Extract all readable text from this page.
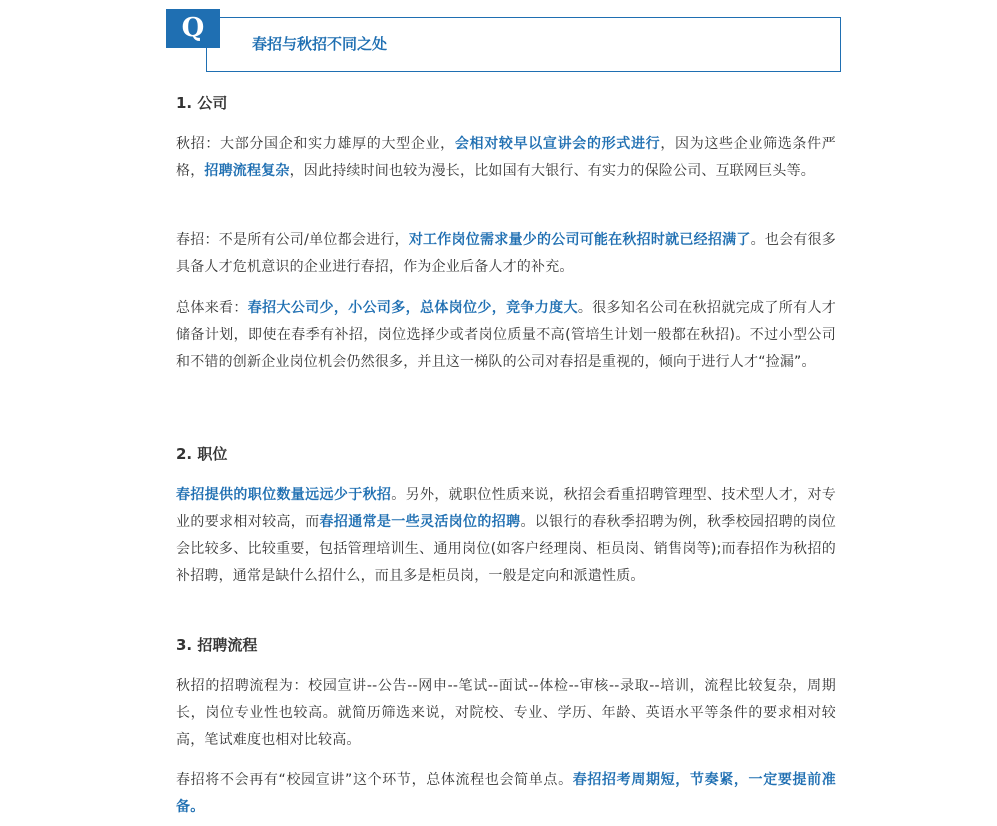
Q
春招与秋招不同之处
1. 公司

秋招：大部分国企和实力雄厚的大型企业，会相对较早以宣讲会的形式进行，因为这些企业筛选条件严格，招聘流程复杂，因此持续时间也较为漫长，比如国有大银行、有实力的保险公司、互联网巨头等。

春招：不是所有公司/单位都会进行，对工作岗位需求量少的公司可能在秋招时就已经招满了。也会有很多具备人才危机意识的企业进行春招，作为企业后备人才的补充。

总体来看：春招大公司少，小公司多，总体岗位少，竞争力度大。很多知名公司在秋招就完成了所有人才储备计划，即使在春季有补招，岗位选择少或者岗位质量不高(管培生计划一般都在秋招)。不过小型公司和不错的创新企业岗位机会仍然很多，并且这一梯队的公司对春招是重视的，倾向于进行人才“捡漏”。

2. 职位

春招提供的职位数量远远少于秋招。另外，就职位性质来说，秋招会看重招聘管理型、技术型人才，对专业的要求相对较高，而春招通常是一些灵活岗位的招聘。以银行的春秋季招聘为例，秋季校园招聘的岗位会比较多、比较重要，包括管理培训生、通用岗位(如客户经理岗、柜员岗、销售岗等);而春招作为秋招的补招聘，通常是缺什么招什么，而且多是柜员岗，一般是定向和派遣性质。

3. 招聘流程

秋招的招聘流程为：校园宣讲--公告--网申--笔试--面试--体检--审核--录取--培训，流程比较复杂，周期长，岗位专业性也较高。就简历筛选来说，对院校、专业、学历、年龄、英语水平等条件的要求相对较高，笔试难度也相对比较高。

春招将不会再有“校园宣讲”这个环节，总体流程也会简单点。春招招考周期短，节奏紧，一定要提前准备。
